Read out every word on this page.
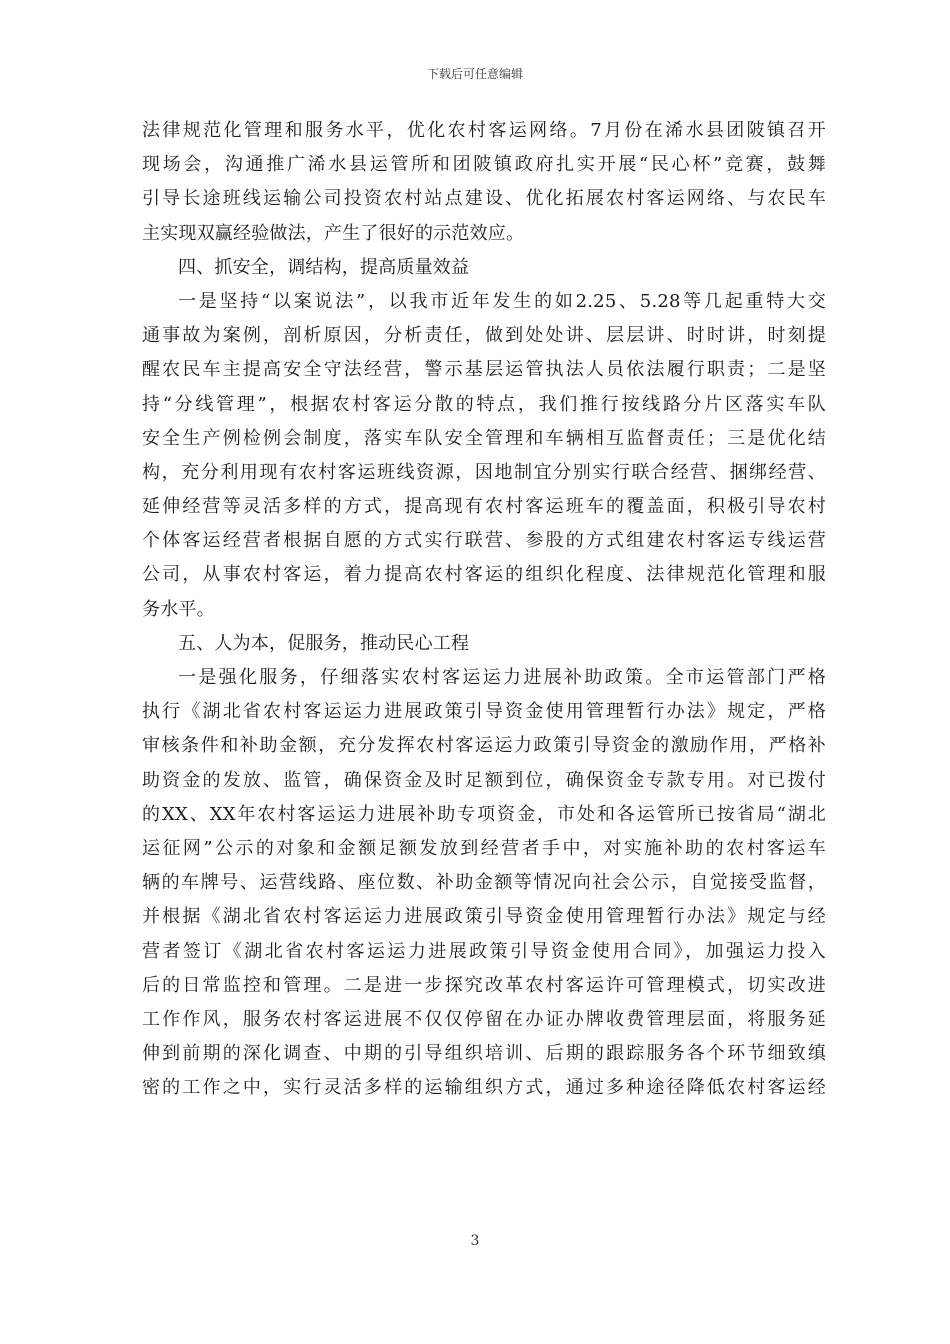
下载后可任意编辑
法律规范化管理和服务水平，优化农村客运网络。7月份在浠水县团陂镇召开
现场会，沟通推广浠水县运管所和团陂镇政府扎实开展“民心杯”竞赛，鼓舞
引导长途班线运输公司投资农村站点建设、优化拓展农村客运网络、与农民车
主实现双赢经验做法，产生了很好的示范效应。
四、抓安全，调结构，提高质量效益
一是坚持“以案说法”，以我市近年发生的如2.25、5.28等几起重特大交
通事故为案例，剖析原因，分析责任，做到处处讲、层层讲、时时讲，时刻提
醒农民车主提高安全守法经营，警示基层运管执法人员依法履行职责；二是坚
持“分线管理”，根据农村客运分散的特点，我们推行按线路分片区落实车队
安全生产例检例会制度，落实车队安全管理和车辆相互监督责任；三是优化结
构，充分利用现有农村客运班线资源，因地制宜分别实行联合经营、捆绑经营、
延伸经营等灵活多样的方式，提高现有农村客运班车的覆盖面，积极引导农村
个体客运经营者根据自愿的方式实行联营、参股的方式组建农村客运专线运营
公司，从事农村客运，着力提高农村客运的组织化程度、法律规范化管理和服
务水平。
五、人为本，促服务，推动民心工程
一是强化服务，仔细落实农村客运运力进展补助政策。全市运管部门严格
执行《湖北省农村客运运力进展政策引导资金使用管理暂行办法》规定，严格
审核条件和补助金额，充分发挥农村客运运力政策引导资金的激励作用，严格补
助资金的发放、监管，确保资金及时足额到位，确保资金专款专用。对已拨付
的XX、XX年农村客运运力进展补助专项资金，市处和各运管所已按省局“湖北
运征网”公示的对象和金额足额发放到经营者手中，对实施补助的农村客运车
辆的车牌号、运营线路、座位数、补助金额等情况向社会公示，自觉接受监督，
并根据《湖北省农村客运运力进展政策引导资金使用管理暂行办法》规定与经
营者签订《湖北省农村客运运力进展政策引导资金使用合同》，加强运力投入
后的日常监控和管理。二是进一步探究改革农村客运许可管理模式，切实改进
工作作风，服务农村客运进展不仅仅停留在办证办牌收费管理层面，将服务延
伸到前期的深化调查、中期的引导组织培训、后期的跟踪服务各个环节细致缜
密的工作之中，实行灵活多样的运输组织方式，通过多种途径降低农村客运经
3
